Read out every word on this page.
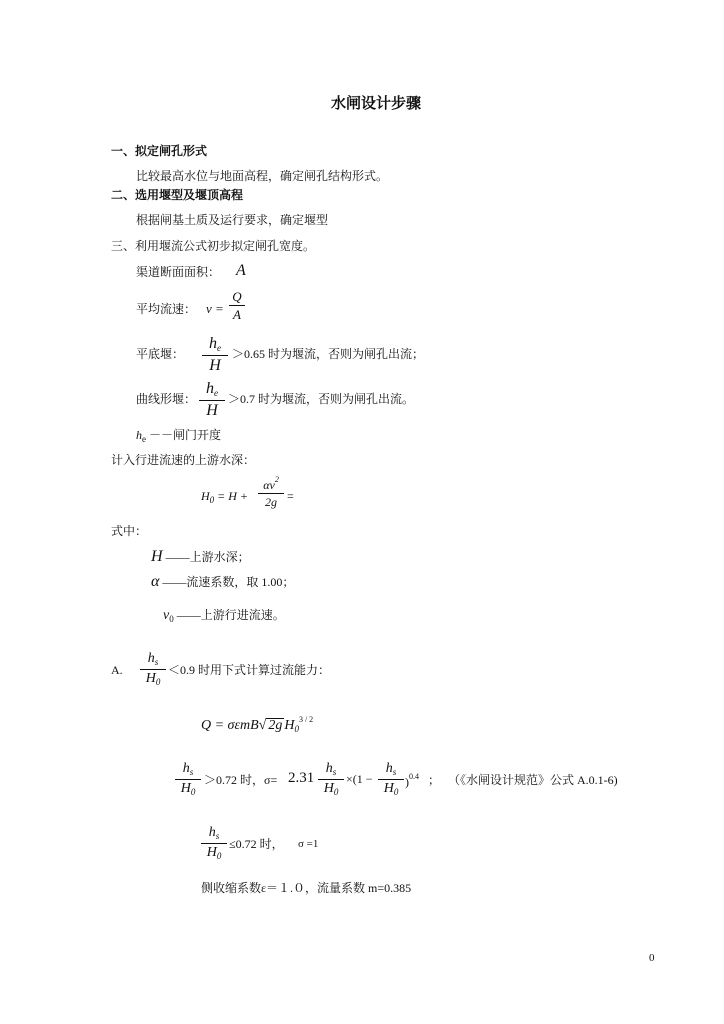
水闸设计步骤
一、拟定闸孔形式
比较最高水位与地面高程，确定闸孔结构形式。
二、选用堰型及堰顶高程
根据闸基土质及运行要求，确定堰型
三、利用堰流公式初步拟定闸孔宽度。
渠道断面面积： A
平均流速： v =
Q
A
平底堰：
$h_e$
H
＞0.65 时为堰流，否则为闸孔出流；
曲线形堰：
$h_e$
H
＞0.7 时为堰流，否则为闸孔出流。
$h_e$ －－闸门开度
计入行进流速的上游水深：
$H_0 = H$ +
$\alpha v^2$
2g =
式中：
H ——上游水深；
α ——流速系数，取 1.00；
$v_0$ ——上游行进流速。
A.
$h_s$
$H_0$
＜0.9 时用下式计算过流能力：
Q = σεmB√ 2g $H_0^{3 / 2}$
$h_s$
$H_0$
＞0.72 时，σ= 2.31
$h_s$
$H_0$
×(1 −
$h_s$
$H_0$
)$^{0.4}$ ； （《水闸设计规范》公式 A.0.1-6)
$h_s$
$H_0$
≤0.72 时， σ =1
侧收缩系数ε＝１.０，流量系数 m=0.385
0
